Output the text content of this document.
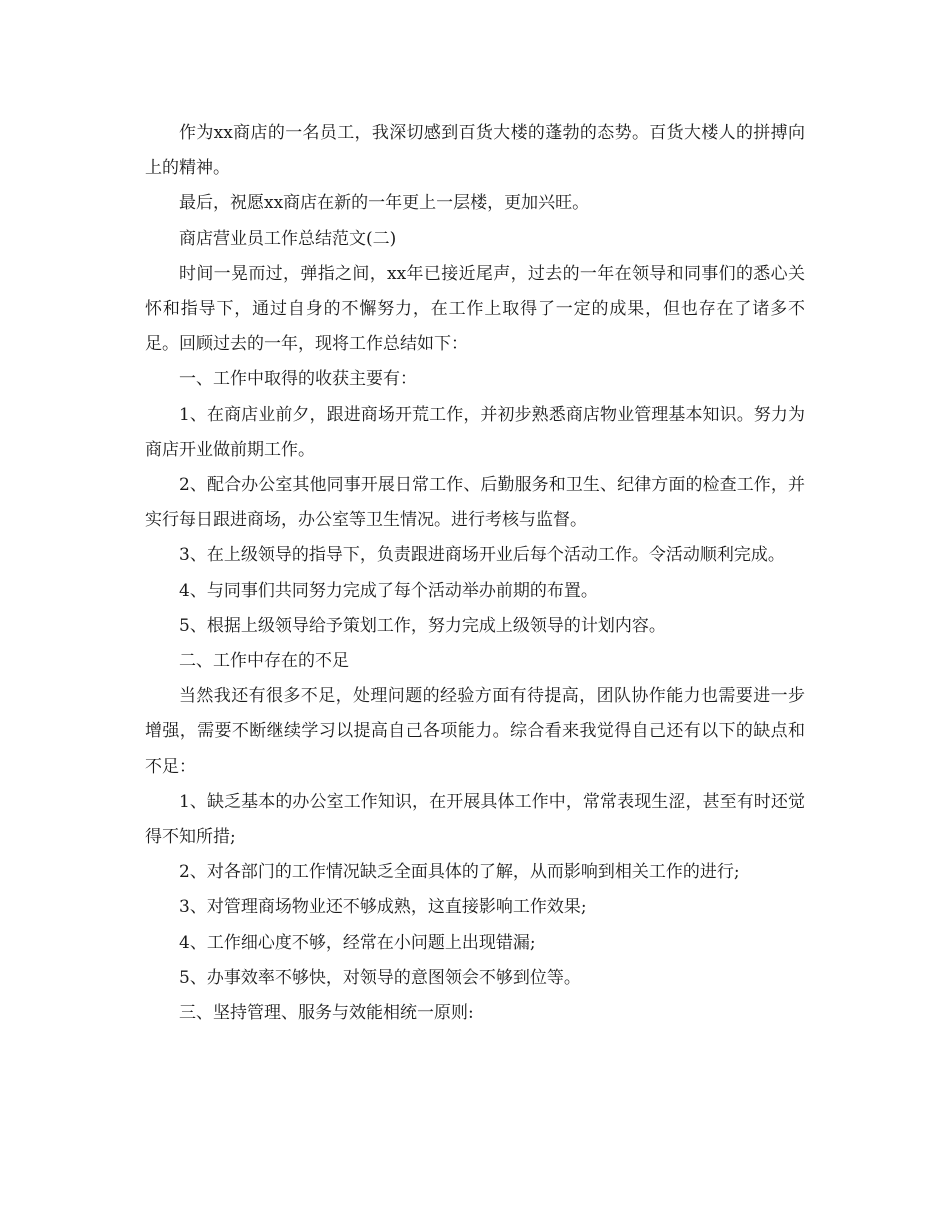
作为xx商店的一名员工，我深切感到百货大楼的蓬勃的态势。百货大楼人的拼搏向上的精神。

最后，祝愿xx商店在新的一年更上一层楼，更加兴旺。

商店营业员工作总结范文(二)

时间一晃而过，弹指之间，xx年已接近尾声，过去的一年在领导和同事们的悉心关怀和指导下，通过自身的不懈努力，在工作上取得了一定的成果，但也存在了诸多不足。回顾过去的一年，现将工作总结如下：

一、工作中取得的收获主要有：

1、在商店业前夕，跟进商场开荒工作，并初步熟悉商店物业管理基本知识。努力为商店开业做前期工作。

2、配合办公室其他同事开展日常工作、后勤服务和卫生、纪律方面的检查工作，并实行每日跟进商场，办公室等卫生情况。进行考核与监督。

3、在上级领导的指导下，负责跟进商场开业后每个活动工作。令活动顺利完成。

4、与同事们共同努力完成了每个活动举办前期的布置。

5、根据上级领导给予策划工作，努力完成上级领导的计划内容。

二、工作中存在的不足

当然我还有很多不足，处理问题的经验方面有待提高，团队协作能力也需要进一步增强，需要不断继续学习以提高自己各项能力。综合看来我觉得自己还有以下的缺点和不足：

1、缺乏基本的办公室工作知识，在开展具体工作中，常常表现生涩，甚至有时还觉得不知所措;

2、对各部门的工作情况缺乏全面具体的了解，从而影响到相关工作的进行;

3、对管理商场物业还不够成熟，这直接影响工作效果;

4、工作细心度不够，经常在小问题上出现错漏;

5、办事效率不够快，对领导的意图领会不够到位等。

三、坚持管理、服务与效能相统一原则:
